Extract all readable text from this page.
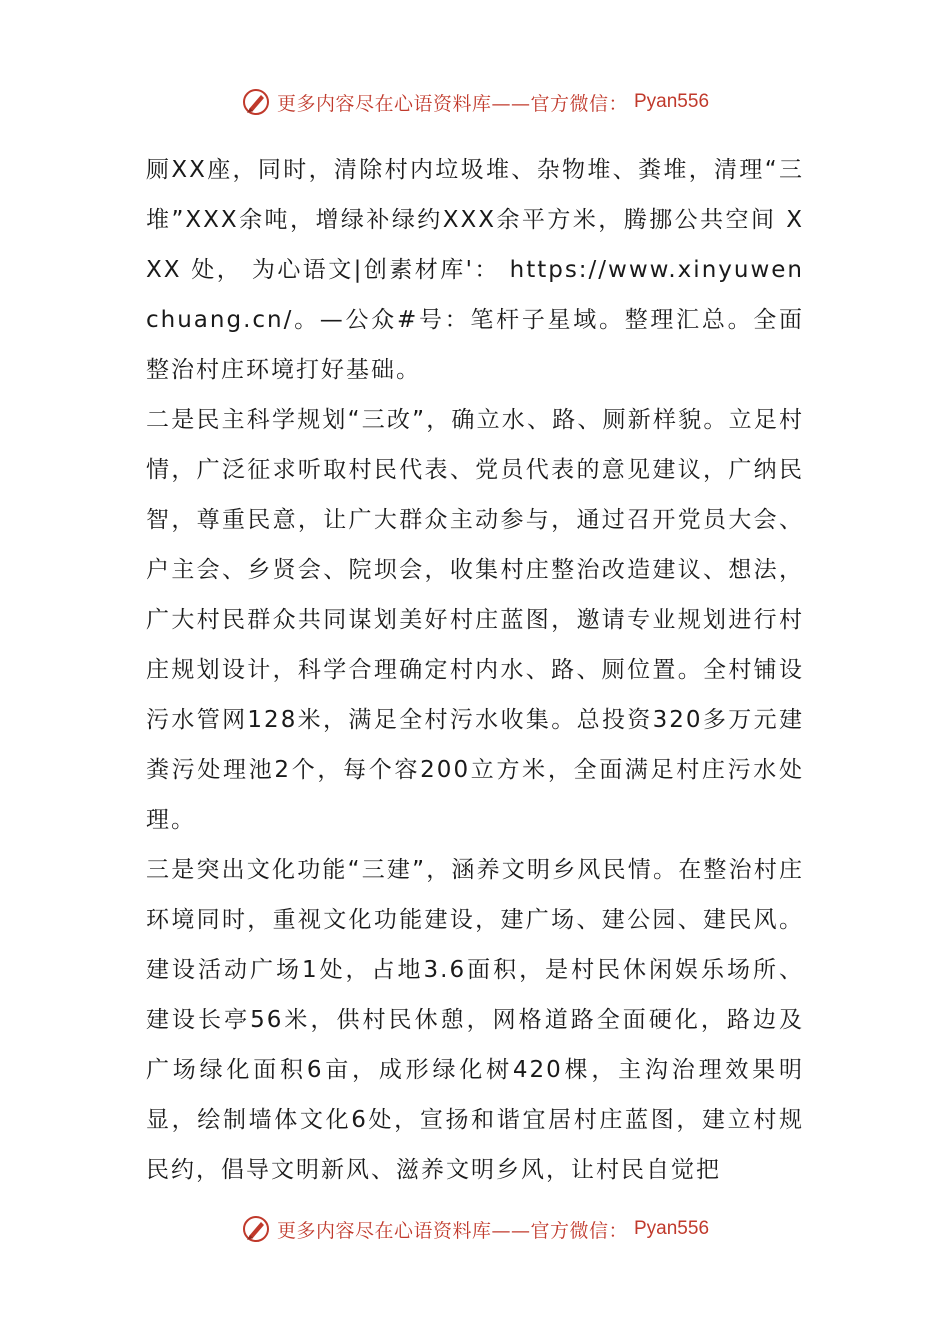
更多内容尽在心语资料库——官方微信： Pyan556

厕XX座，同时，清除村内垃圾堆、杂物堆、粪堆，清理“三堆”XXX余吨，增绿补绿约XXX余平方米，腾挪公共空间 XXX 处， 为心语文|创素材库'： https://www.xinyuwenchuang.cn/。—公众#号：笔杆子星域。整理汇总。全面整治村庄环境打好基础。

二是民主科学规划“三改”，确立水、路、厕新样貌。立足村情，广泛征求听取村民代表、党员代表的意见建议，广纳民智，尊重民意，让广大群众主动参与，通过召开党员大会、户主会、乡贤会、院坝会，收集村庄整治改造建议、想法，广大村民群众共同谋划美好村庄蓝图，邀请专业规划进行村庄规划设计，科学合理确定村内水、路、厕位置。全村铺设污水管网128米，满足全村污水收集。总投资320多万元建粪污处理池2个，每个容200立方米，全面满足村庄污水处理。

三是突出文化功能“三建”，涵养文明乡风民情。在整治村庄环境同时，重视文化功能建设，建广场、建公园、建民风。建设活动广场1处，占地3.6面积，是村民休闲娱乐场所、建设长亭56米，供村民休憩，网格道路全面硬化，路边及广场绿化面积6亩，成形绿化树420棵，主沟治理效果明显，绘制墙体文化6处，宣扬和谐宜居村庄蓝图，建立村规民约，倡导文明新风、滋养文明乡风，让村民自觉把

更多内容尽在心语资料库——官方微信： Pyan556
